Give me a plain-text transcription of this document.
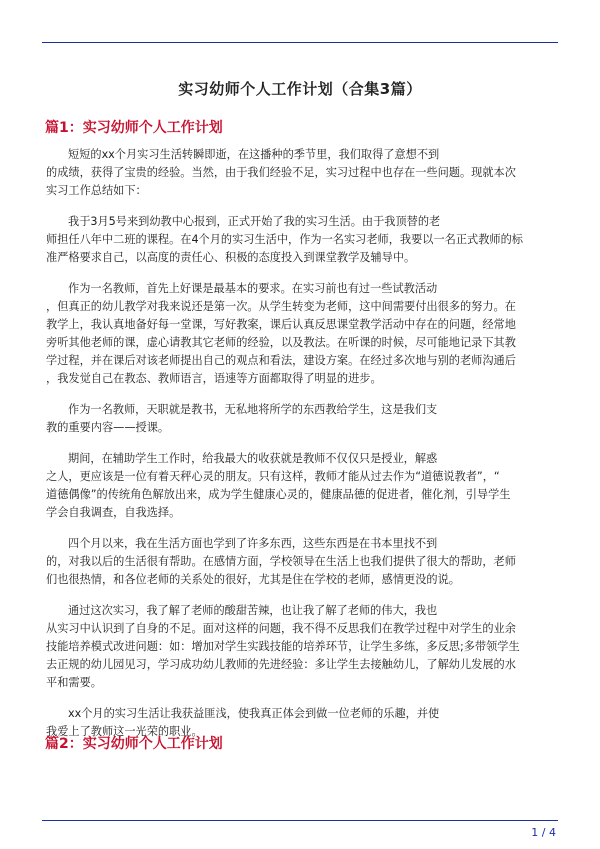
实习幼师个人工作计划（合集3篇）
篇1：实习幼师个人工作计划

短短的xx个月实习生活转瞬即逝，在这播种的季节里，我们取得了意想不到
的成绩，获得了宝贵的经验。当然，由于我们经验不足，实习过程中也存在一些问题。现就本次
实习工作总结如下：

我于3月5号来到幼教中心报到，正式开始了我的实习生活。由于我顶替的老
师担任八年中二班的课程。在4个月的实习生活中，作为一名实习老师，我要以一名正式教师的标
准严格要求自己，以高度的责任心、积极的态度投入到课堂教学及辅导中。

作为一名教师，首先上好课是最基本的要求。在实习前也有过一些试教活动
，但真正的幼儿教学对我来说还是第一次。从学生转变为老师，这中间需要付出很多的努力。在
教学上，我认真地备好每一堂课，写好教案，课后认真反思课堂教学活动中存在的问题，经常地
旁听其他老师的课，虚心请教其它老师的经验，以及教法。在听课的时候，尽可能地记录下其教
学过程，并在课后对该老师提出自己的观点和看法，建设方案。在经过多次地与别的老师沟通后
，我发觉自己在教态、教师语言，语速等方面都取得了明显的进步。

作为一名教师，天职就是教书，无私地将所学的东西教给学生，这是我们支
教的重要内容——授课。

期间，在辅助学生工作时，给我最大的收获就是教师不仅仅只是授业，解惑
之人，更应该是一位有着天秤心灵的朋友。只有这样，教师才能从过去作为“道德说教者”，“
道德偶像”的传统角色解放出来，成为学生健康心灵的，健康品德的促进者，催化剂，引导学生
学会自我调查，自我选择。

四个月以来，我在生活方面也学到了许多东西，这些东西是在书本里找不到
的，对我以后的生活很有帮助。在感情方面，学校领导在生活上也我们提供了很大的帮助，老师
们也很热情，和各位老师的关系处的很好，尤其是住在学校的老师，感情更没的说。

通过这次实习，我了解了老师的酸甜苦辣，也让我了解了老师的伟大，我也
从实习中认识到了自身的不足。面对这样的问题，我不得不反思我们在教学过程中对学生的业余
技能培养模式改进问题：如：增加对学生实践技能的培养环节，让学生多练，多反思;多带领学生
去正规的幼儿园见习，学习成功幼儿教师的先进经验：多让学生去接触幼儿，了解幼儿发展的水
平和需要。

xx个月的实习生活让我获益匪浅，使我真正体会到做一位老师的乐趣，并使
我爱上了教师这一光荣的职业。

篇2：实习幼师个人工作计划
1 / 4
